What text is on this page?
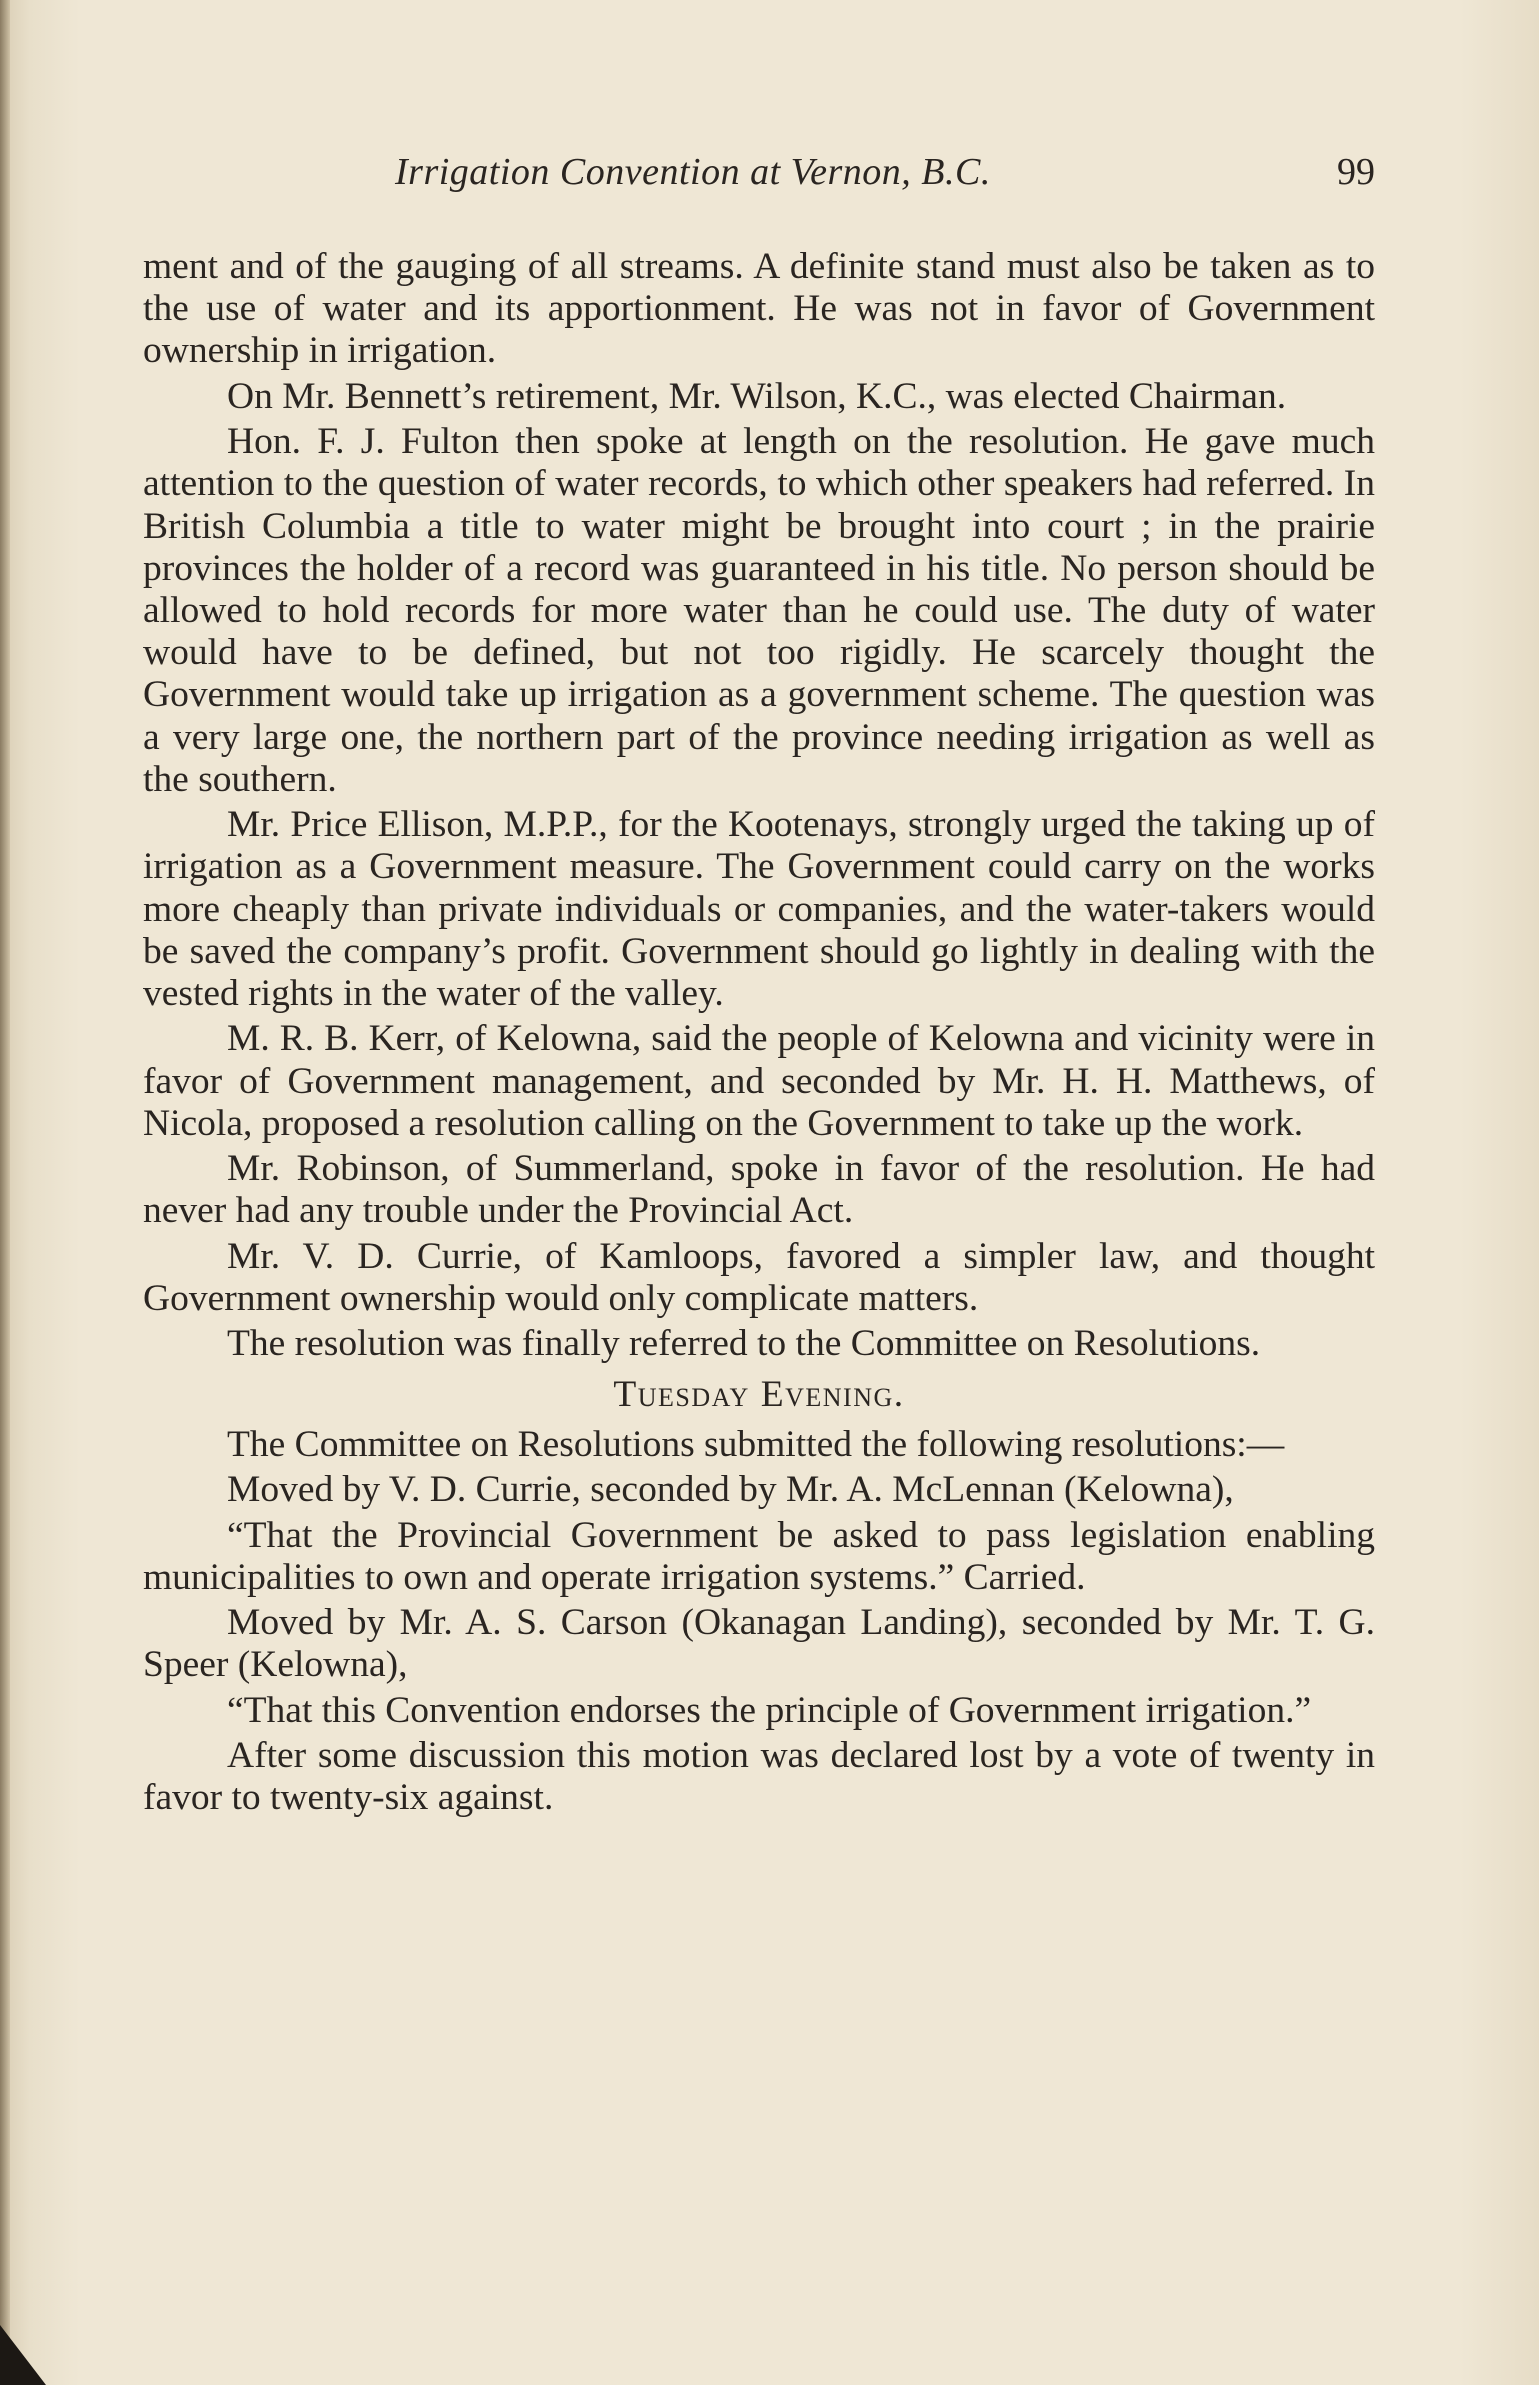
Irrigation Convention at Vernon, B.C.	99

ment and of the gauging of all streams. A definite stand must also be taken as to the use of water and its apportionment. He was not in favor of Government ownership in irrigation.

On Mr. Bennett’s retirement, Mr. Wilson, K.C., was elected Chairman.

Hon. F. J. Fulton then spoke at length on the resolution. He gave much attention to the question of water records, to which other speakers had referred. In British Columbia a title to water might be brought into court ; in the prairie provinces the holder of a record was guaranteed in his title. No person should be allowed to hold records for more water than he could use. The duty of water would have to be defined, but not too rigidly. He scarcely thought the Government would take up irrigation as a government scheme. The question was a very large one, the northern part of the province needing irrigation as well as the southern.

Mr. Price Ellison, M.P.P., for the Kootenays, strongly urged the taking up of irrigation as a Government measure. The Government could carry on the works more cheaply than private individuals or companies, and the water-takers would be saved the company’s profit. Government should go lightly in dealing with the vested rights in the water of the valley.

M. R. B. Kerr, of Kelowna, said the people of Kelowna and vicinity were in favor of Government management, and seconded by Mr. H. H. Matthews, of Nicola, proposed a resolution calling on the Government to take up the work.

Mr. Robinson, of Summerland, spoke in favor of the resolution. He had never had any trouble under the Provincial Act.

Mr. V. D. Currie, of Kamloops, favored a simpler law, and thought Government ownership would only complicate matters.

The resolution was finally referred to the Committee on Resolutions.

Tuesday Evening.

The Committee on Resolutions submitted the following resolutions:—

Moved by V. D. Currie, seconded by Mr. A. McLennan (Kelowna),

“That the Provincial Government be asked to pass legislation enabling municipalities to own and operate irrigation systems.” Carried.

Moved by Mr. A. S. Carson (Okanagan Landing), seconded by Mr. T. G. Speer (Kelowna),

“That this Convention endorses the principle of Government irrigation.”

After some discussion this motion was declared lost by a vote of twenty in favor to twenty-six against.
